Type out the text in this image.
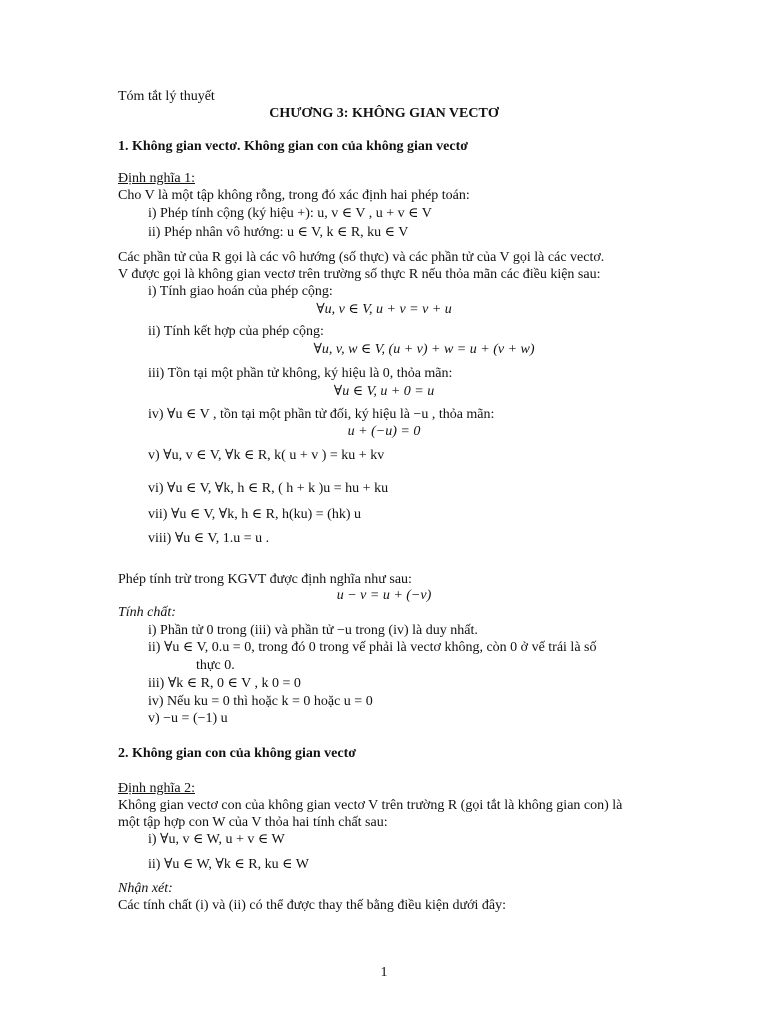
Tóm tắt lý thuyết
CHƯƠNG 3: KHÔNG GIAN VECTƠ
1. Không gian vectơ. Không gian con của không gian vectơ
Định nghĩa 1:
Cho V là một tập không rỗng, trong đó xác định hai phép toán:
i) Phép tính cộng (ký hiệu +): u, v ∈ V , u + v ∈ V
ii) Phép nhân vô hướng: u ∈ V, k ∈ R, ku ∈ V
Các phần tử của R gọi là các vô hướng (số thực) và các phần tử của V gọi là các vectơ.
V được gọi là không gian vectơ trên trường số thực R nếu thỏa mãn các điều kiện sau:
i) Tính giao hoán của phép cộng:
∀u, v ∈ V, u + v = v + u
ii) Tính kết hợp của phép cộng:
∀u, v, w ∈ V, (u + v) + w = u + (v + w)
iii) Tồn tại một phần tử không, ký hiệu là 0, thỏa mãn:
∀u ∈ V, u + 0 = u
iv) ∀u ∈ V , tồn tại một phần tử đối, ký hiệu là −u , thỏa mãn:
u + (−u) = 0
v) ∀u, v ∈ V, ∀k ∈ R, k( u + v ) = ku + kv
vi) ∀u ∈ V, ∀k, h ∈ R, ( h + k )u = hu + ku
vii) ∀u ∈ V, ∀k, h ∈ R, h(ku) = (hk) u
viii) ∀u ∈ V, 1.u = u .
Phép tính trừ trong KGVT được định nghĩa như sau:
u − v = u + (−v)
Tính chất:
i) Phần tử 0 trong (iii) và phần tử −u trong (iv) là duy nhất.
ii) ∀u ∈ V, 0.u = 0, trong đó 0 trong vế phải là vectơ không, còn 0 ở vế trái là số
thực 0.
iii) ∀k ∈ R, 0 ∈ V , k 0 = 0
iv) Nếu ku = 0 thì hoặc k = 0 hoặc u = 0
v) −u = (−1) u
2. Không gian con của không gian vectơ
Định nghĩa 2:
Không gian vectơ con của không gian vectơ V trên trường R (gọi tắt là không gian con) là
một tập hợp con W của V thỏa hai tính chất sau:
i) ∀u, v ∈ W, u + v ∈ W
ii) ∀u ∈ W, ∀k ∈ R, ku ∈ W
Nhận xét:
Các tính chất (i) và (ii) có thể được thay thế bằng điều kiện dưới đây:
1
